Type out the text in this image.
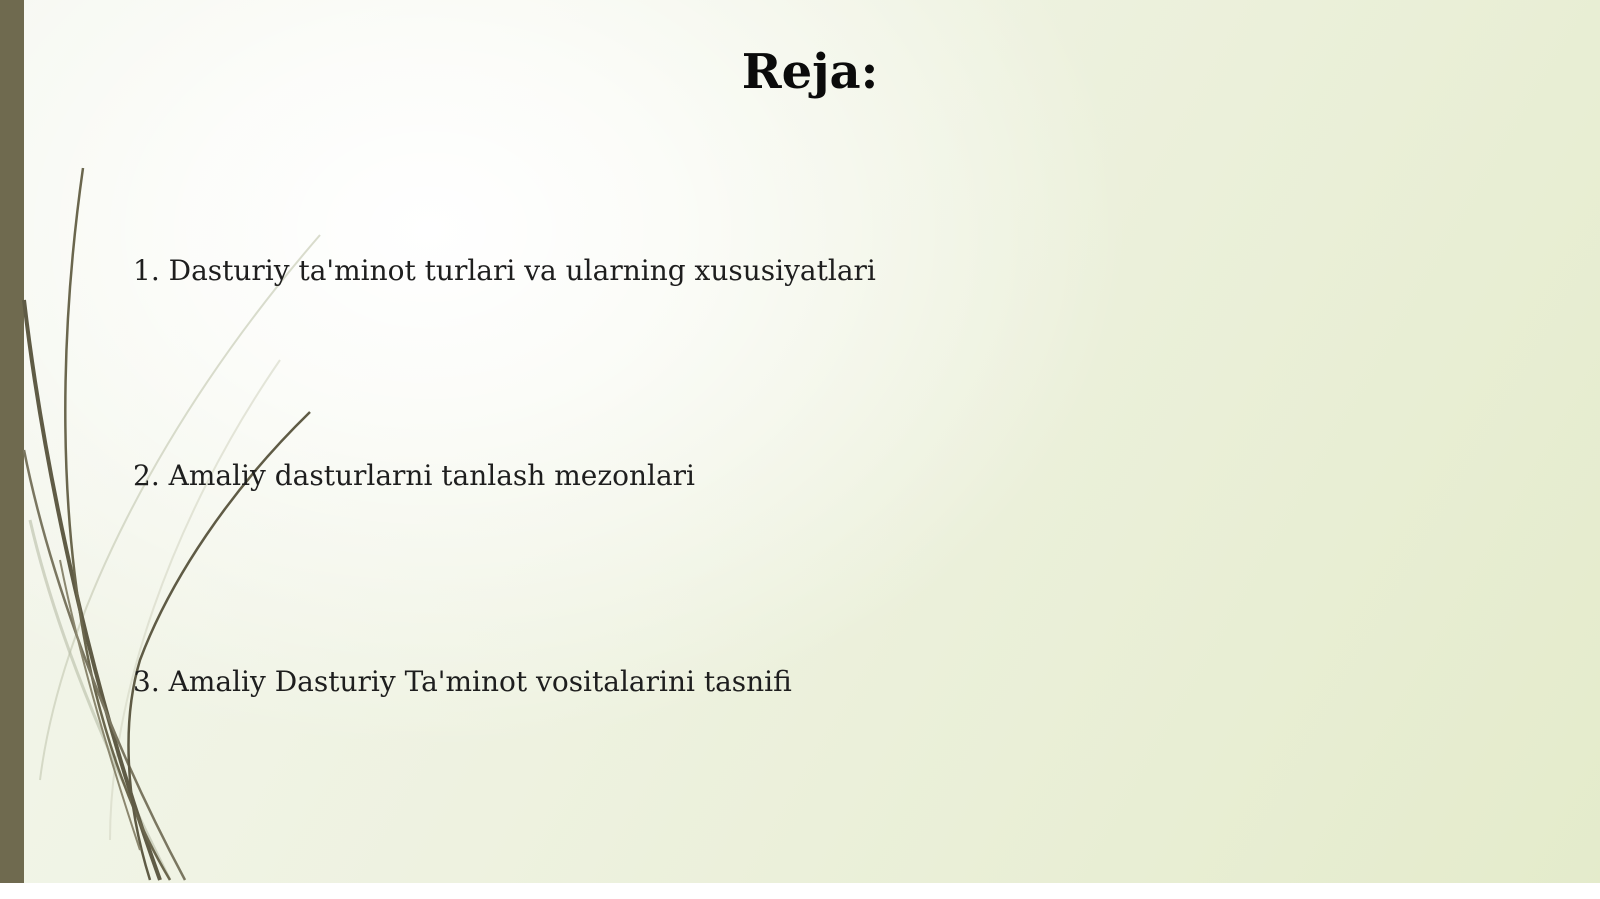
Reja:
1. Dasturiy ta'minot turlari va ularning xususiyatlari
2. Amaliy dasturlarni tanlash mezonlari
3. Amaliy Dasturiy Ta'minot vositalarini tasnifi
